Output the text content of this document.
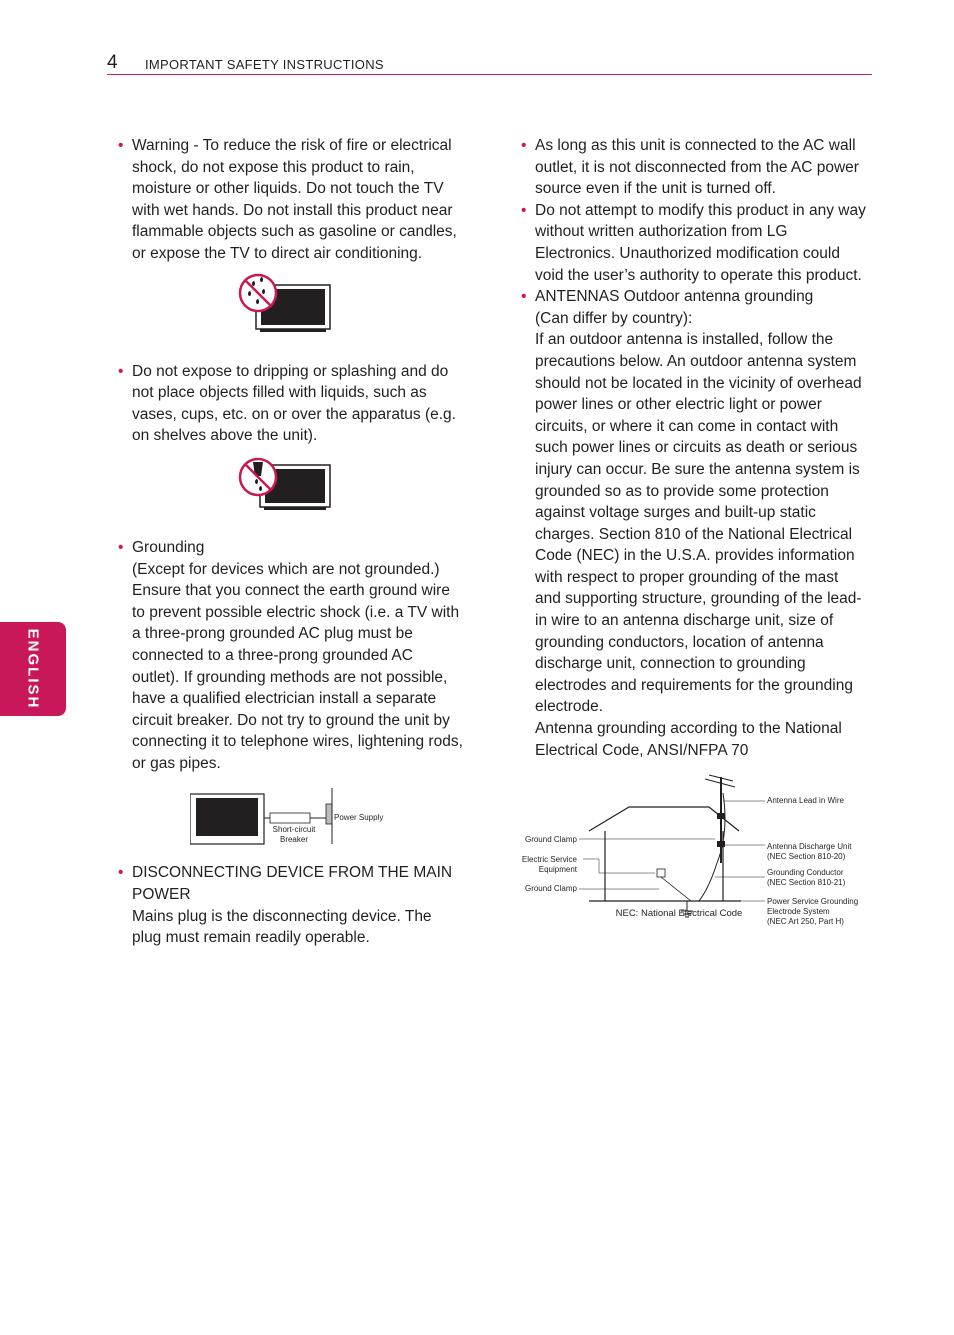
4 IMPORTANT SAFETY INSTRUCTIONS
ENGLISH
• Warning - To reduce the risk of fire or electrical shock, do not expose this product to rain, moisture or other liquids. Do not touch the TV with wet hands. Do not install this product near flammable objects such as gasoline or candles, or expose the TV to direct air conditioning.

• Do not expose to dripping or splashing and do not place objects filled with liquids, such as vases, cups, etc. on or over the apparatus (e.g. on shelves above the unit).

• Grounding

(Except for devices which are not grounded.) Ensure that you connect the earth ground wire to prevent possible electric shock (i.e. a TV with a three-prong grounded AC plug must be connected to a three-prong grounded AC outlet). If grounding methods are not possible, have a qualified electrician install a separate circuit breaker. Do not try to ground the unit by connecting it to telephone wires, lightening rods, or gas pipes.

Power Supply
Short-circuit
Breaker
• DISCONNECTING DEVICE FROM THE MAIN POWER

Mains plug is the disconnecting device. The plug must remain readily operable.

• As long as this unit is connected to the AC wall outlet, it is not disconnected from the AC power source even if the unit is turned off.

• Do not attempt to modify this product in any way without written authorization from LG Electronics. Unauthorized modification could void the user’s authority to operate this product.

• ANTENNAS Outdoor antenna grounding

(Can differ by country):

If an outdoor antenna is installed, follow the precautions below. An outdoor antenna system should not be located in the vicinity of overhead power lines or other electric light or power circuits, or where it can come in contact with such power lines or circuits as death or serious injury can occur. Be sure the antenna system is grounded so as to provide some protection against voltage surges and built-up static charges. Section 810 of the National Electrical Code (NEC) in the U.S.A. provides information with respect to proper grounding of the mast and supporting structure, grounding of the lead-in wire to an antenna discharge unit, size of grounding conductors, location of antenna discharge unit, connection to grounding electrodes and requirements for the grounding electrode.

Antenna grounding according to the National Electrical Code, ANSI/NFPA 70

Antenna Lead in Wire
Ground Clamp
Electric Service
Equipment
Ground Clamp
Antenna Discharge Unit
(NEC Section 810-20)
Grounding Conductor
(NEC Section 810-21)
Power Service Grounding
Electrode System
(NEC Art 250, Part H)
NEC: National Electrical Code
